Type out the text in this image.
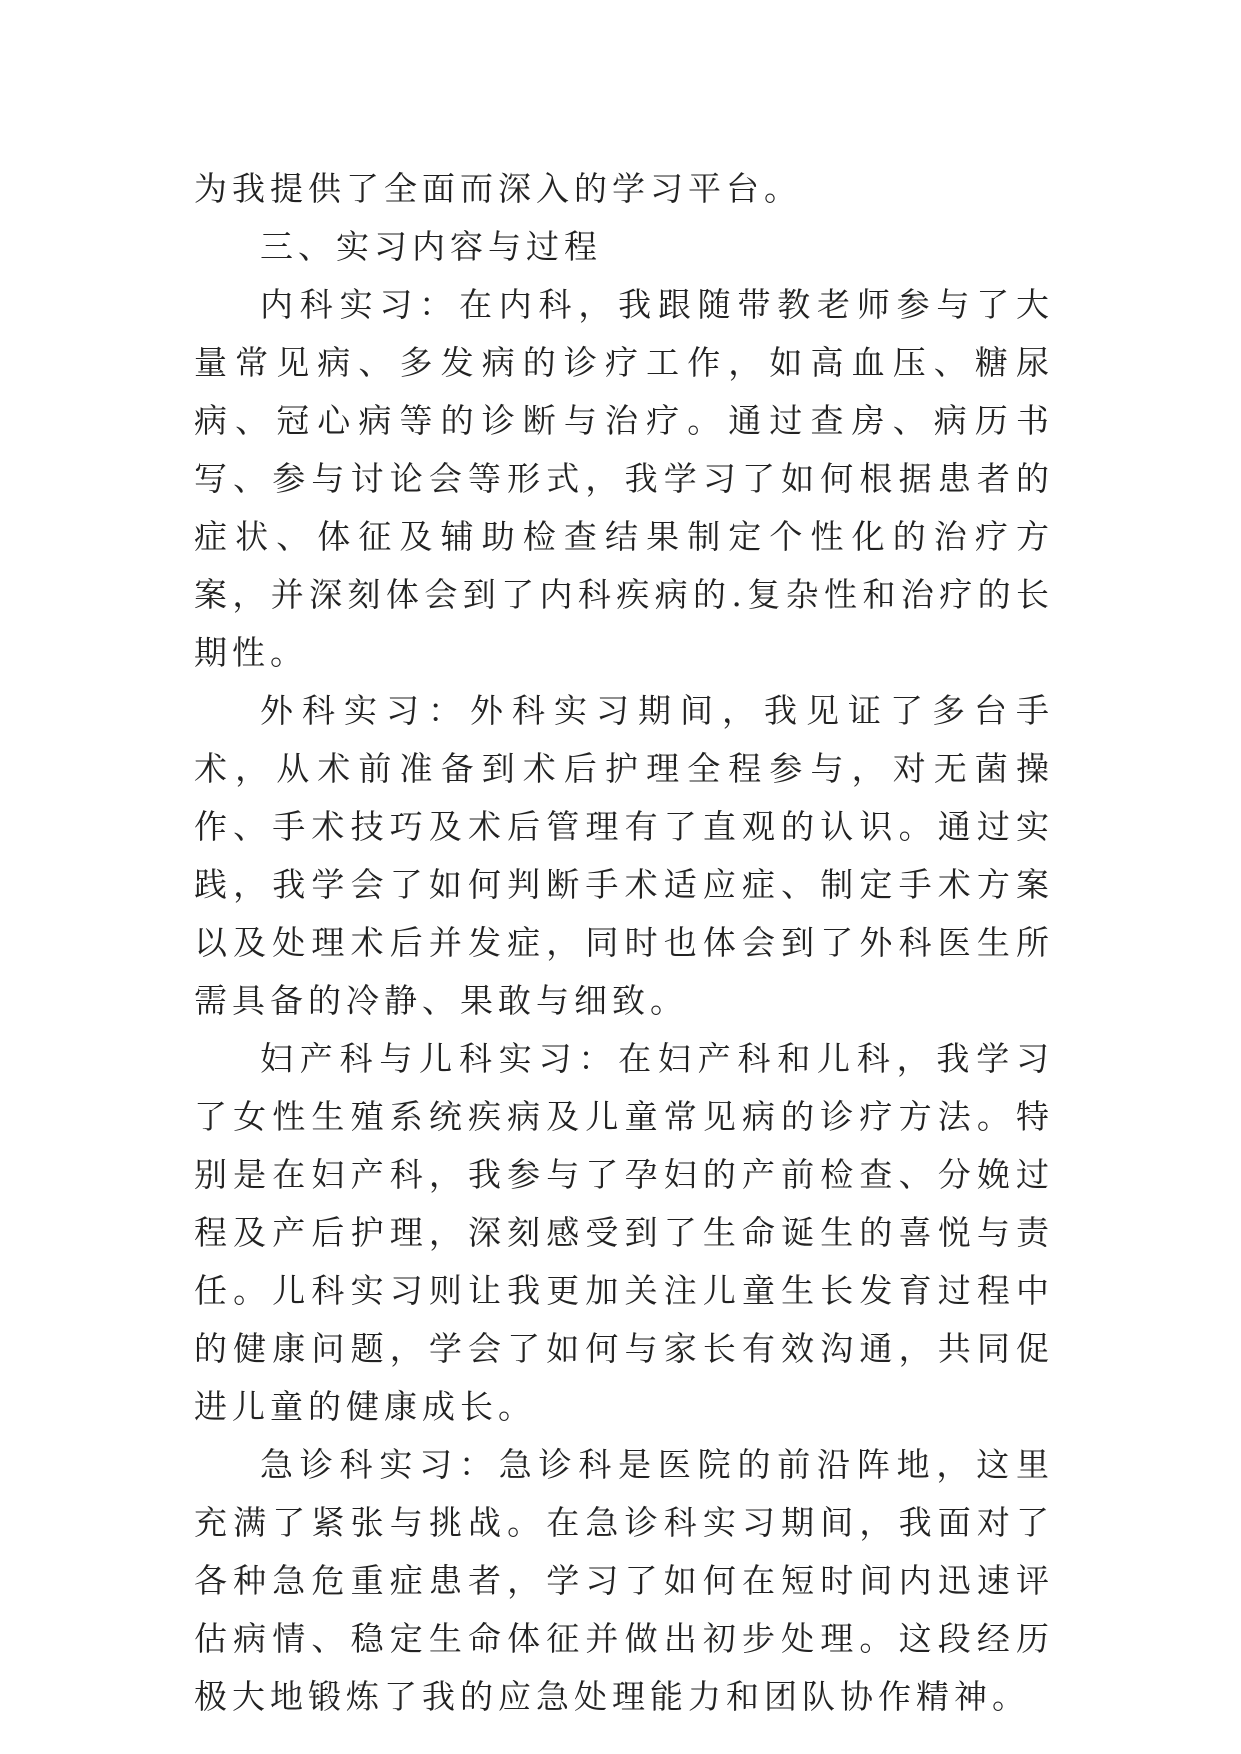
为我提供了全面而深入的学习平台。

三、实习内容与过程

内科实习：在内科，我跟随带教老师参与了大量常见病、多发病的诊疗工作，如高血压、糖尿病、冠心病等的诊断与治疗。通过查房、病历书写、参与讨论会等形式，我学习了如何根据患者的症状、体征及辅助检查结果制定个性化的治疗方案，并深刻体会到了内科疾病的.复杂性和治疗的长期性。

外科实习：外科实习期间，我见证了多台手术，从术前准备到术后护理全程参与，对无菌操作、手术技巧及术后管理有了直观的认识。通过实践，我学会了如何判断手术适应症、制定手术方案以及处理术后并发症，同时也体会到了外科医生所需具备的冷静、果敢与细致。

妇产科与儿科实习：在妇产科和儿科，我学习了女性生殖系统疾病及儿童常见病的诊疗方法。特别是在妇产科，我参与了孕妇的产前检查、分娩过程及产后护理，深刻感受到了生命诞生的喜悦与责任。儿科实习则让我更加关注儿童生长发育过程中的健康问题，学会了如何与家长有效沟通，共同促进儿童的健康成长。

急诊科实习：急诊科是医院的前沿阵地，这里充满了紧张与挑战。在急诊科实习期间，我面对了各种急危重症患者，学习了如何在短时间内迅速评估病情、稳定生命体征并做出初步处理。这段经历极大地锻炼了我的应急处理能力和团队协作精神。
